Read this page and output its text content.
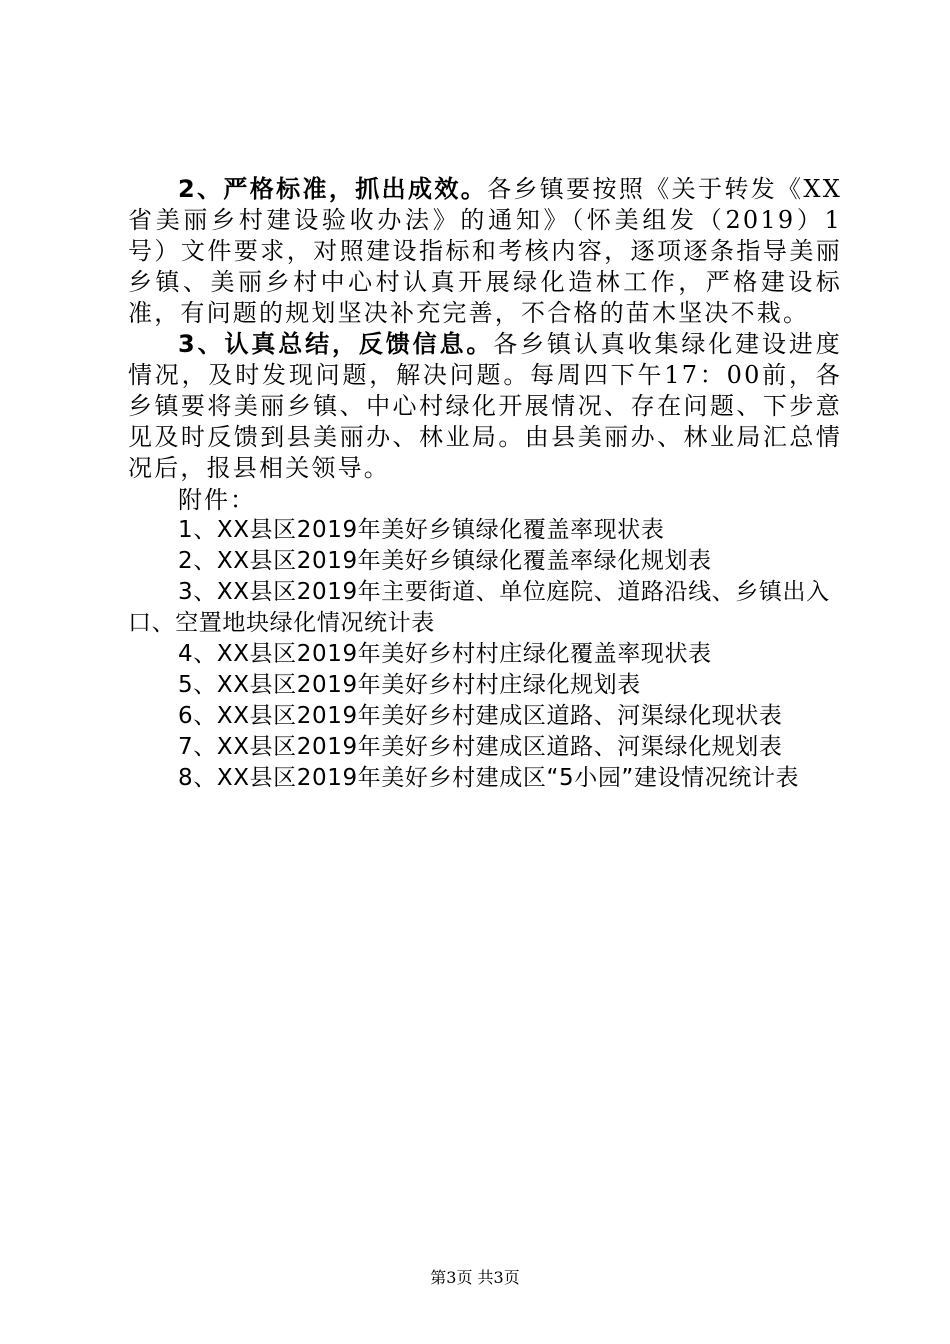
2、严格标准，抓出成效。各乡镇要按照《关于转发《XX省美丽乡村建设验收办法》的通知》（怀美组发（2019）1号）文件要求，对照建设指标和考核内容，逐项逐条指导美丽乡镇、美丽乡村中心村认真开展绿化造林工作，严格建设标准，有问题的规划坚决补充完善，不合格的苗木坚决不栽。

3、认真总结，反馈信息。各乡镇认真收集绿化建设进度情况，及时发现问题，解决问题。每周四下午17：00前，各乡镇要将美丽乡镇、中心村绿化开展情况、存在问题、下步意见及时反馈到县美丽办、林业局。由县美丽办、林业局汇总情况后，报县相关领导。

附件：

1、XX县区2019年美好乡镇绿化覆盖率现状表
2、XX县区2019年美好乡镇绿化覆盖率绿化规划表
3、XX县区2019年主要街道、单位庭院、道路沿线、乡镇出入口、空置地块绿化情况统计表
4、XX县区2019年美好乡村村庄绿化覆盖率现状表
5、XX县区2019年美好乡村村庄绿化规划表
6、XX县区2019年美好乡村建成区道路、河渠绿化现状表
7、XX县区2019年美好乡村建成区道路、河渠绿化规划表
8、XX县区2019年美好乡村建成区“5小园”建设情况统计表
第3页 共3页
